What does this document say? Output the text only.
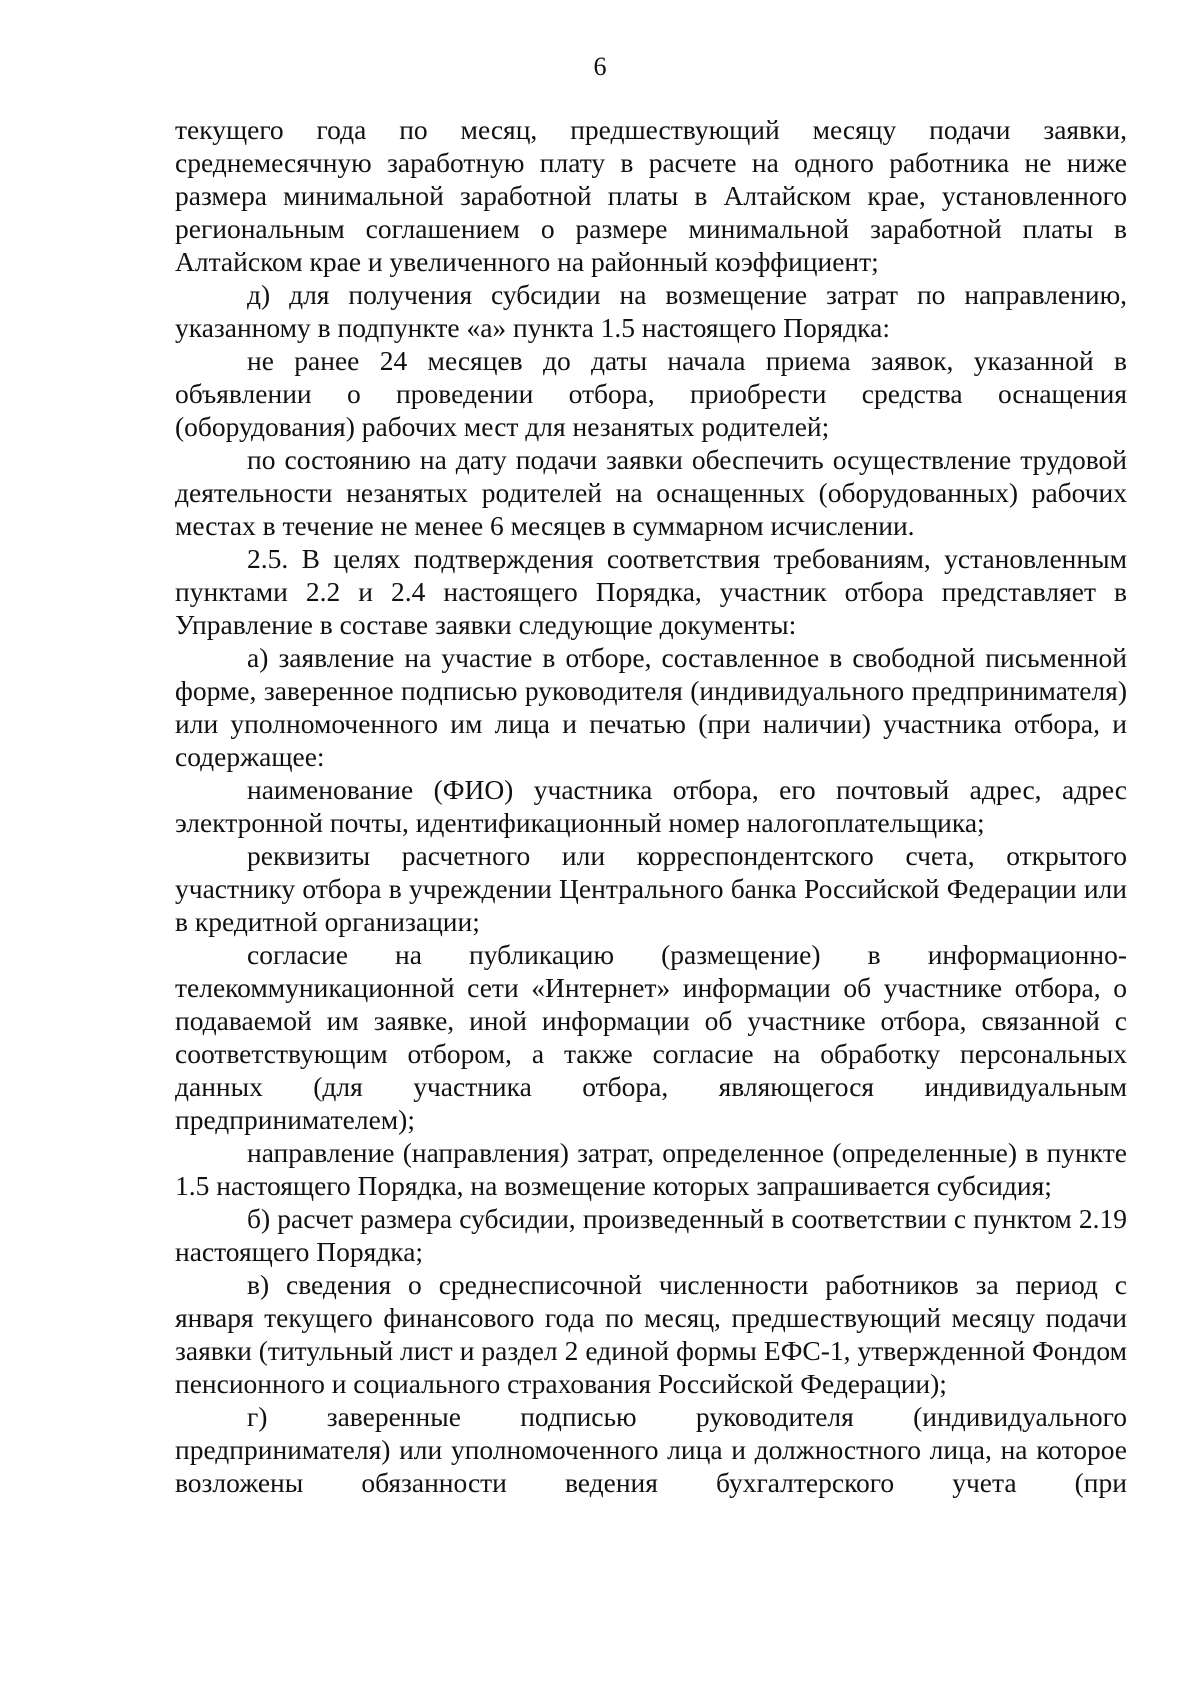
6

текущего года по месяц, предшествующий месяцу подачи заявки, среднемесячную заработную плату в расчете на одного работника не ниже размера минимальной заработной платы в Алтайском крае, установленного региональным соглашением о размере минимальной заработной платы в Алтайском крае и увеличенного на районный коэффициент;

д) для получения субсидии на возмещение затрат по направлению, указанному в подпункте «а» пункта 1.5 настоящего Порядка:

не ранее 24 месяцев до даты начала приема заявок, указанной в объявлении о проведении отбора, приобрести средства оснащения (оборудования) рабочих мест для незанятых родителей;

по состоянию на дату подачи заявки обеспечить осуществление трудовой деятельности незанятых родителей на оснащенных (оборудованных) рабочих местах в течение не менее 6 месяцев в суммарном исчислении.

2.5. В целях подтверждения соответствия требованиям, установленным пунктами 2.2 и 2.4 настоящего Порядка, участник отбора представляет в Управление в составе заявки следующие документы:

а) заявление на участие в отборе, составленное в свободной письменной форме, заверенное подписью руководителя (индивидуального предпринимателя) или уполномоченного им лица и печатью (при наличии) участника отбора, и содержащее:

наименование (ФИО) участника отбора, его почтовый адрес, адрес электронной почты, идентификационный номер налогоплательщика;

реквизиты расчетного или корреспондентского счета, открытого участнику отбора в учреждении Центрального банка Российской Федерации или в кредитной организации;

согласие на публикацию (размещение) в информационно-телекоммуникационной сети «Интернет» информации об участнике отбора, о подаваемой им заявке, иной информации об участнике отбора, связанной с соответствующим отбором, а также согласие на обработку персональных данных (для участника отбора, являющегося индивидуальным предпринимателем);

направление (направления) затрат, определенное (определенные) в пункте 1.5 настоящего Порядка, на возмещение которых запрашивается субсидия;

б) расчет размера субсидии, произведенный в соответствии с пунктом 2.19 настоящего Порядка;

в) сведения о среднесписочной численности работников за период с января текущего финансового года по месяц, предшествующий месяцу подачи заявки (титульный лист и раздел 2 единой формы ЕФС-1, утвержденной Фондом пенсионного и социального страхования Российской Федерации);

г) заверенные подписью руководителя (индивидуального предпринимателя) или уполномоченного лица и должностного лица, на которое возложены обязанности ведения бухгалтерского учета (при
